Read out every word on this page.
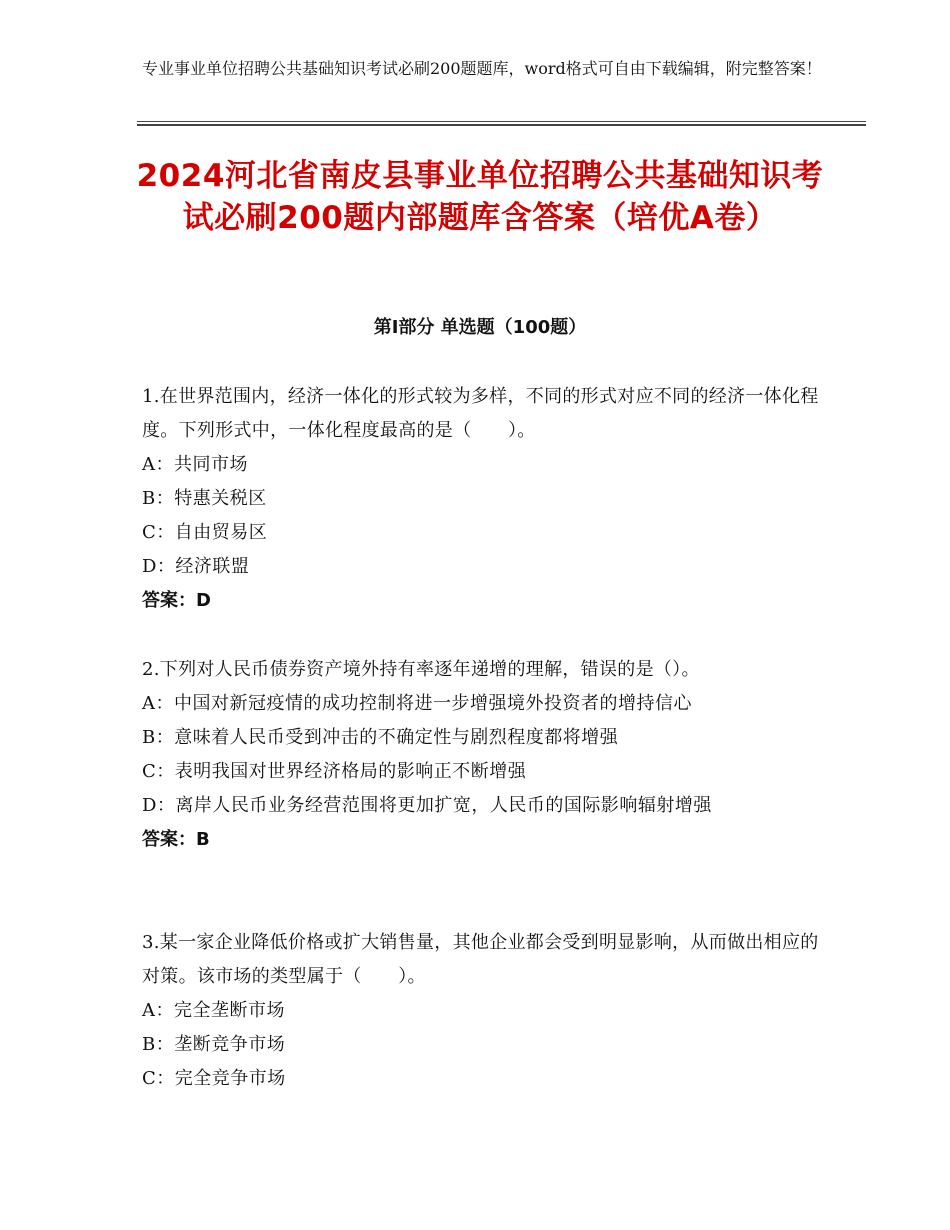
专业事业单位招聘公共基础知识考试必刷200题题库，word格式可自由下载编辑，附完整答案！
2024河北省南皮县事业单位招聘公共基础知识考试必刷200题内部题库含答案（培优A卷）
第Ⅰ部分 单选题（100题）
1.在世界范围内，经济一体化的形式较为多样，不同的形式对应不同的经济一体化程度。下列形式中，一体化程度最高的是（　　）。
A：共同市场
B：特惠关税区
C：自由贸易区
D：经济联盟
答案：D
2.下列对人民币债券资产境外持有率逐年递增的理解，错误的是（）。
A：中国对新冠疫情的成功控制将进一步增强境外投资者的增持信心
B：意味着人民币受到冲击的不确定性与剧烈程度都将增强
C：表明我国对世界经济格局的影响正不断增强
D：离岸人民币业务经营范围将更加扩宽，人民币的国际影响辐射增强
答案：B
3.某一家企业降低价格或扩大销售量，其他企业都会受到明显影响，从而做出相应的对策。该市场的类型属于（　　）。
A：完全垄断市场
B：垄断竞争市场
C：完全竞争市场
